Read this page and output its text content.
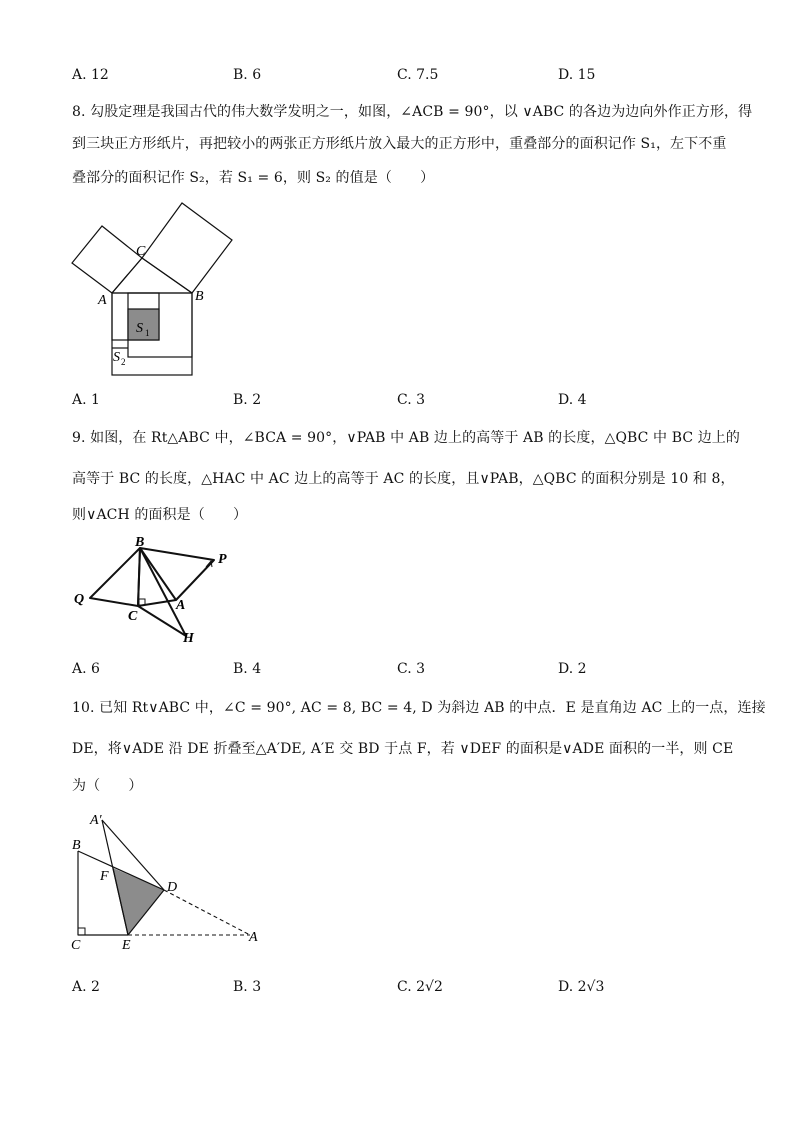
A. 12	B. 6	C. 7.5	D. 15
8. 勾股定理是我国古代的伟大数学发明之一，如图，∠ACB = 90°，以 ∨ABC 的各边为边向外作正方形，得
到三块正方形纸片，再把较小的两张正方形纸片放入最大的正方形中，重叠部分的面积记作 S₁，左下不重
叠部分的面积记作 S₂，若 S₁ = 6，则 S₂ 的值是（　　）
C
A	B
S 1
S 2
A. 1	B. 2	C. 3	D. 4
9. 如图，在 Rt△ABC 中，∠BCA = 90°，∨PAB 中 AB 边上的高等于 AB 的长度，△QBC 中 BC 边上的
高等于 BC 的长度，△HAC 中 AC 边上的高等于 AC 的长度，且∨PAB，△QBC 的面积分别是 10 和 8，
则∨ACH 的面积是（　　）
B
P
Q
C
A
H
A. 6	B. 4	C. 3	D. 2
10. 已知 Rt∨ABC 中，∠C = 90°, AC = 8, BC = 4, D 为斜边 AB 的中点．E 是直角边 AC 上的一点，连接
DE，将∨ADE 沿 DE 折叠至△A′DE, A′E 交 BD 于点 F，若 ∨DEF 的面积是∨ADE 面积的一半，则 CE
为（　　）
A′
B
F
D
C	E
A
A. 2	B. 3	C. 2√2	D. 2√3
